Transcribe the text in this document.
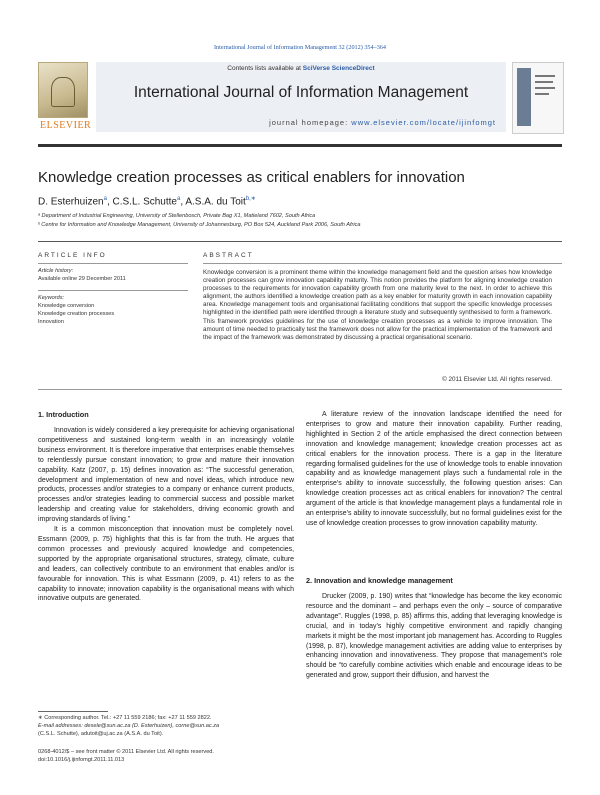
International Journal of Information Management 32 (2012) 354–364
ELSEVIER
Contents lists available at SciVerse ScienceDirect
International Journal of Information Management
journal homepage: www.elsevier.com/locate/ijinfomgt
Knowledge creation processes as critical enablers for innovation
D. Esterhuizen$^a$, C.S.L. Schutte$^a$, A.S.A. du Toit$^{b,∗}$
ᵃ Department of Industrial Engineering, University of Stellenbosch, Private Bag X1, Matieland 7602, South Africa
ᵇ Centre for Information and Knowledge Management, University of Johannesburg, PO Box 524, Auckland Park 2006, South Africa
ARTICLE INFO	ABSTRACT
Article history:
Available online 29 December 2011
Keywords:
Knowledge conversion
Knowledge creation processes
Innovation
Knowledge conversion is a prominent theme within the knowledge management field and the question arises how knowledge creation processes can grow innovation capability maturity. This notion provides the platform for aligning knowledge creation processes to the requirements for innovation capability growth from one maturity level to the next. In order to achieve this alignment, the authors identified a knowledge creation path as a key enabler for maturity growth in each innovation capability area. Knowledge management tools and organisational facilitating conditions that support the specific knowledge processes highlighted in the identified path were identified through a literature study and subsequently synthesised to form a framework. This framework provides guidelines for the use of knowledge creation processes as a vehicle to improve innovation. The amount of time needed to practically test the framework does not allow for the practical implementation of the framework and the impact of the framework was demonstrated by discussing a practical organisational scenario.
© 2011 Elsevier Ltd. All rights reserved.
1. Introduction

Innovation is widely considered a key prerequisite for achieving organisational competitiveness and sustained long-term wealth in an increasingly volatile business environment. It is therefore imperative that enterprises enable themselves to relentlessly pursue constant innovation; to grow and mature their innovation capability. Katz (2007, p. 15) defines innovation as: “The successful generation, development and implementation of new and novel ideas, which introduce new products, processes and/or strategies to a company or enhance current products, processes and/or strategies leading to commercial success and possible market leadership and creating value for stakeholders, driving economic growth and improving standards of living.”

It is a common misconception that innovation must be completely novel. Essmann (2009, p. 75) highlights that this is far from the truth. He argues that common processes and previously acquired knowledge and competencies, supported by the appropriate organisational structures, strategy, climate, culture and leaders, can collectively contribute to an environment that enables and/or is favourable for innovation. This is what Essmann (2009, p. 41) refers to as the capability to innovate; innovation capability is the organisational means with which innovative outputs are generated.

A literature review of the innovation landscape identified the need for enterprises to grow and mature their innovation capability. Further reading, highlighted in Section 2 of the article emphasised the direct connection between innovation and knowledge management; knowledge creation processes act as critical enablers for the innovation process. There is a gap in the literature regarding formalised guidelines for the use of knowledge tools to enable innovation capability and as knowledge management plays such a fundamental role in the enterprise’s ability to innovate successfully, the following question arises: Can knowledge creation processes act as critical enablers for innovation? The central argument of the article is that knowledge management plays a fundamental role in an enterprise’s ability to innovate successfully, but no formal guidelines exist for the use of knowledge creation processes to grow innovation capability maturity.

2. Innovation and knowledge management

Drucker (2009, p. 190) writes that “knowledge has become the key economic resource and the dominant – and perhaps even the only – source of comparative advantage”. Ruggles (1998, p. 85) affirms this, adding that leveraging knowledge is crucial, and in today’s highly competitive environment and rapidly changing markets it might be the most important job management has. According to Ruggles (1998, p. 87), knowledge management activities are adding value to enterprises by enhancing innovation and innovativeness. They propose that management’s role should be “to carefully combine activities which enable and encourage ideas to be generated and grow, support their diffusion, and harvest the

∗ Corresponding author. Tel.: +27 11 559 2186; fax: +27 11 559 2822.
E-mail addresses: desele@sun.ac.za (D. Esterhuizen), corne@sun.ac.za
(C.S.L. Schutte), adutoit@uj.ac.za (A.S.A. du Toit).
0268-4012/$ – see front matter © 2011 Elsevier Ltd. All rights reserved.
doi:10.1016/j.ijinfomgt.2011.11.013
